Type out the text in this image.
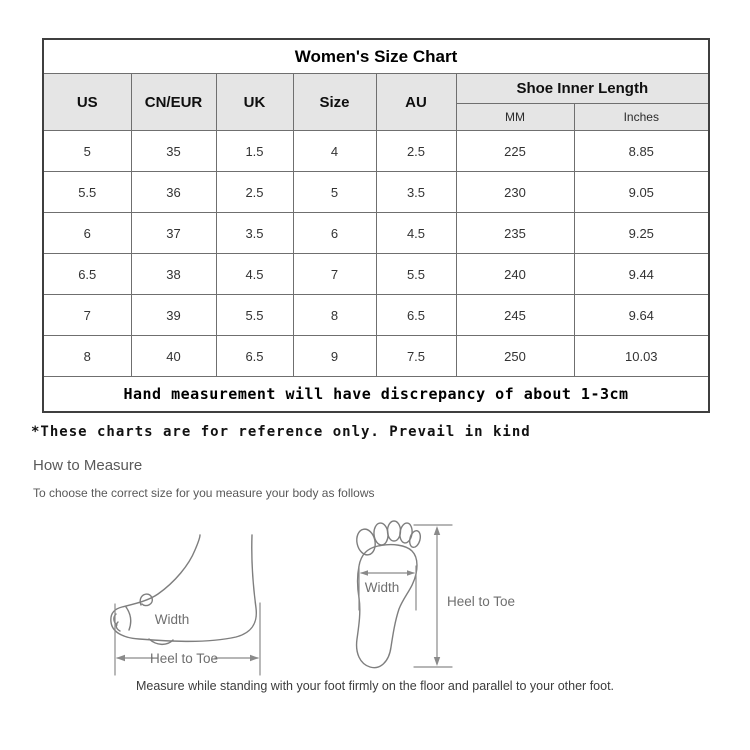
Women's Size Chart						
US	CN/EUR	UK	Size	AU	Shoe Inner Length	
					MM	Inches
5	35	1.5	4	2.5	225	8.85
5.5	36	2.5	5	3.5	230	9.05
6	37	3.5	6	4.5	235	9.25
6.5	38	4.5	7	5.5	240	9.44
7	39	5.5	8	6.5	245	9.64
8	40	6.5	9	7.5	250	10.03
Hand measurement will have discrepancy of about 1-3cm						
*These charts are for reference only. Prevail in kind
How to Measure
To choose the correct size for you measure your body as follows
Width
Heel to Toe
Width
Heel to Toe
Measure while standing with your foot firmly on the floor and parallel to your other foot.
